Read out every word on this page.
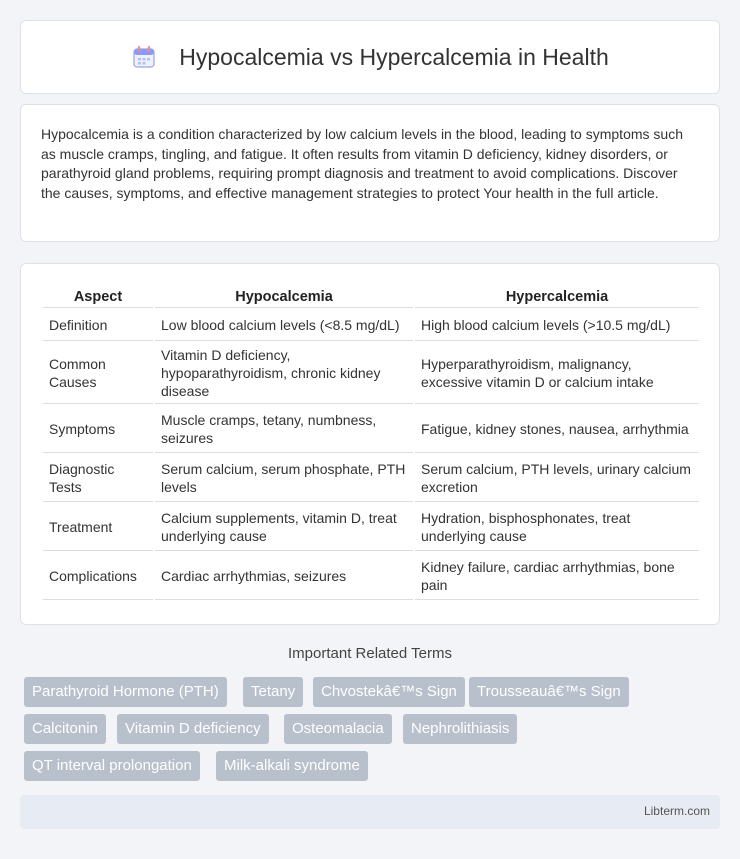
Hypocalcemia vs Hypercalcemia in Health

Hypocalcemia is a condition characterized by low calcium levels in the blood, leading to symptoms such as muscle cramps, tingling, and fatigue. It often results from vitamin D deficiency, kidney disorders, or parathyroid gland problems, requiring prompt diagnosis and treatment to avoid complications. Discover the causes, symptoms, and effective management strategies to protect Your health in the full article.

Aspect	Hypocalcemia	Hypercalcemia
Definition	Low blood calcium levels (<8.5 mg/dL)	High blood calcium levels (>10.5 mg/dL)
Common Causes	Vitamin D deficiency, hypoparathyroidism, chronic kidney disease	Hyperparathyroidism, malignancy, excessive vitamin D or calcium intake
Symptoms	Muscle cramps, tetany, numbness, seizures	Fatigue, kidney stones, nausea, arrhythmia
Diagnostic Tests	Serum calcium, serum phosphate, PTH levels	Serum calcium, PTH levels, urinary calcium excretion
Treatment	Calcium supplements, vitamin D, treat underlying cause	Hydration, bisphosphonates, treat underlying cause
Complications	Cardiac arrhythmias, seizures	Kidney failure, cardiac arrhythmias, bone pain
Important Related Terms
Parathyroid Hormone (PTH)	Tetany	Chvostekâ€™s Sign	Trousseauâ€™s Sign
Calcitonin	Vitamin D deficiency	Osteomalacia	Nephrolithiasis
QT interval prolongation	Milk-alkali syndrome
Libterm.com
